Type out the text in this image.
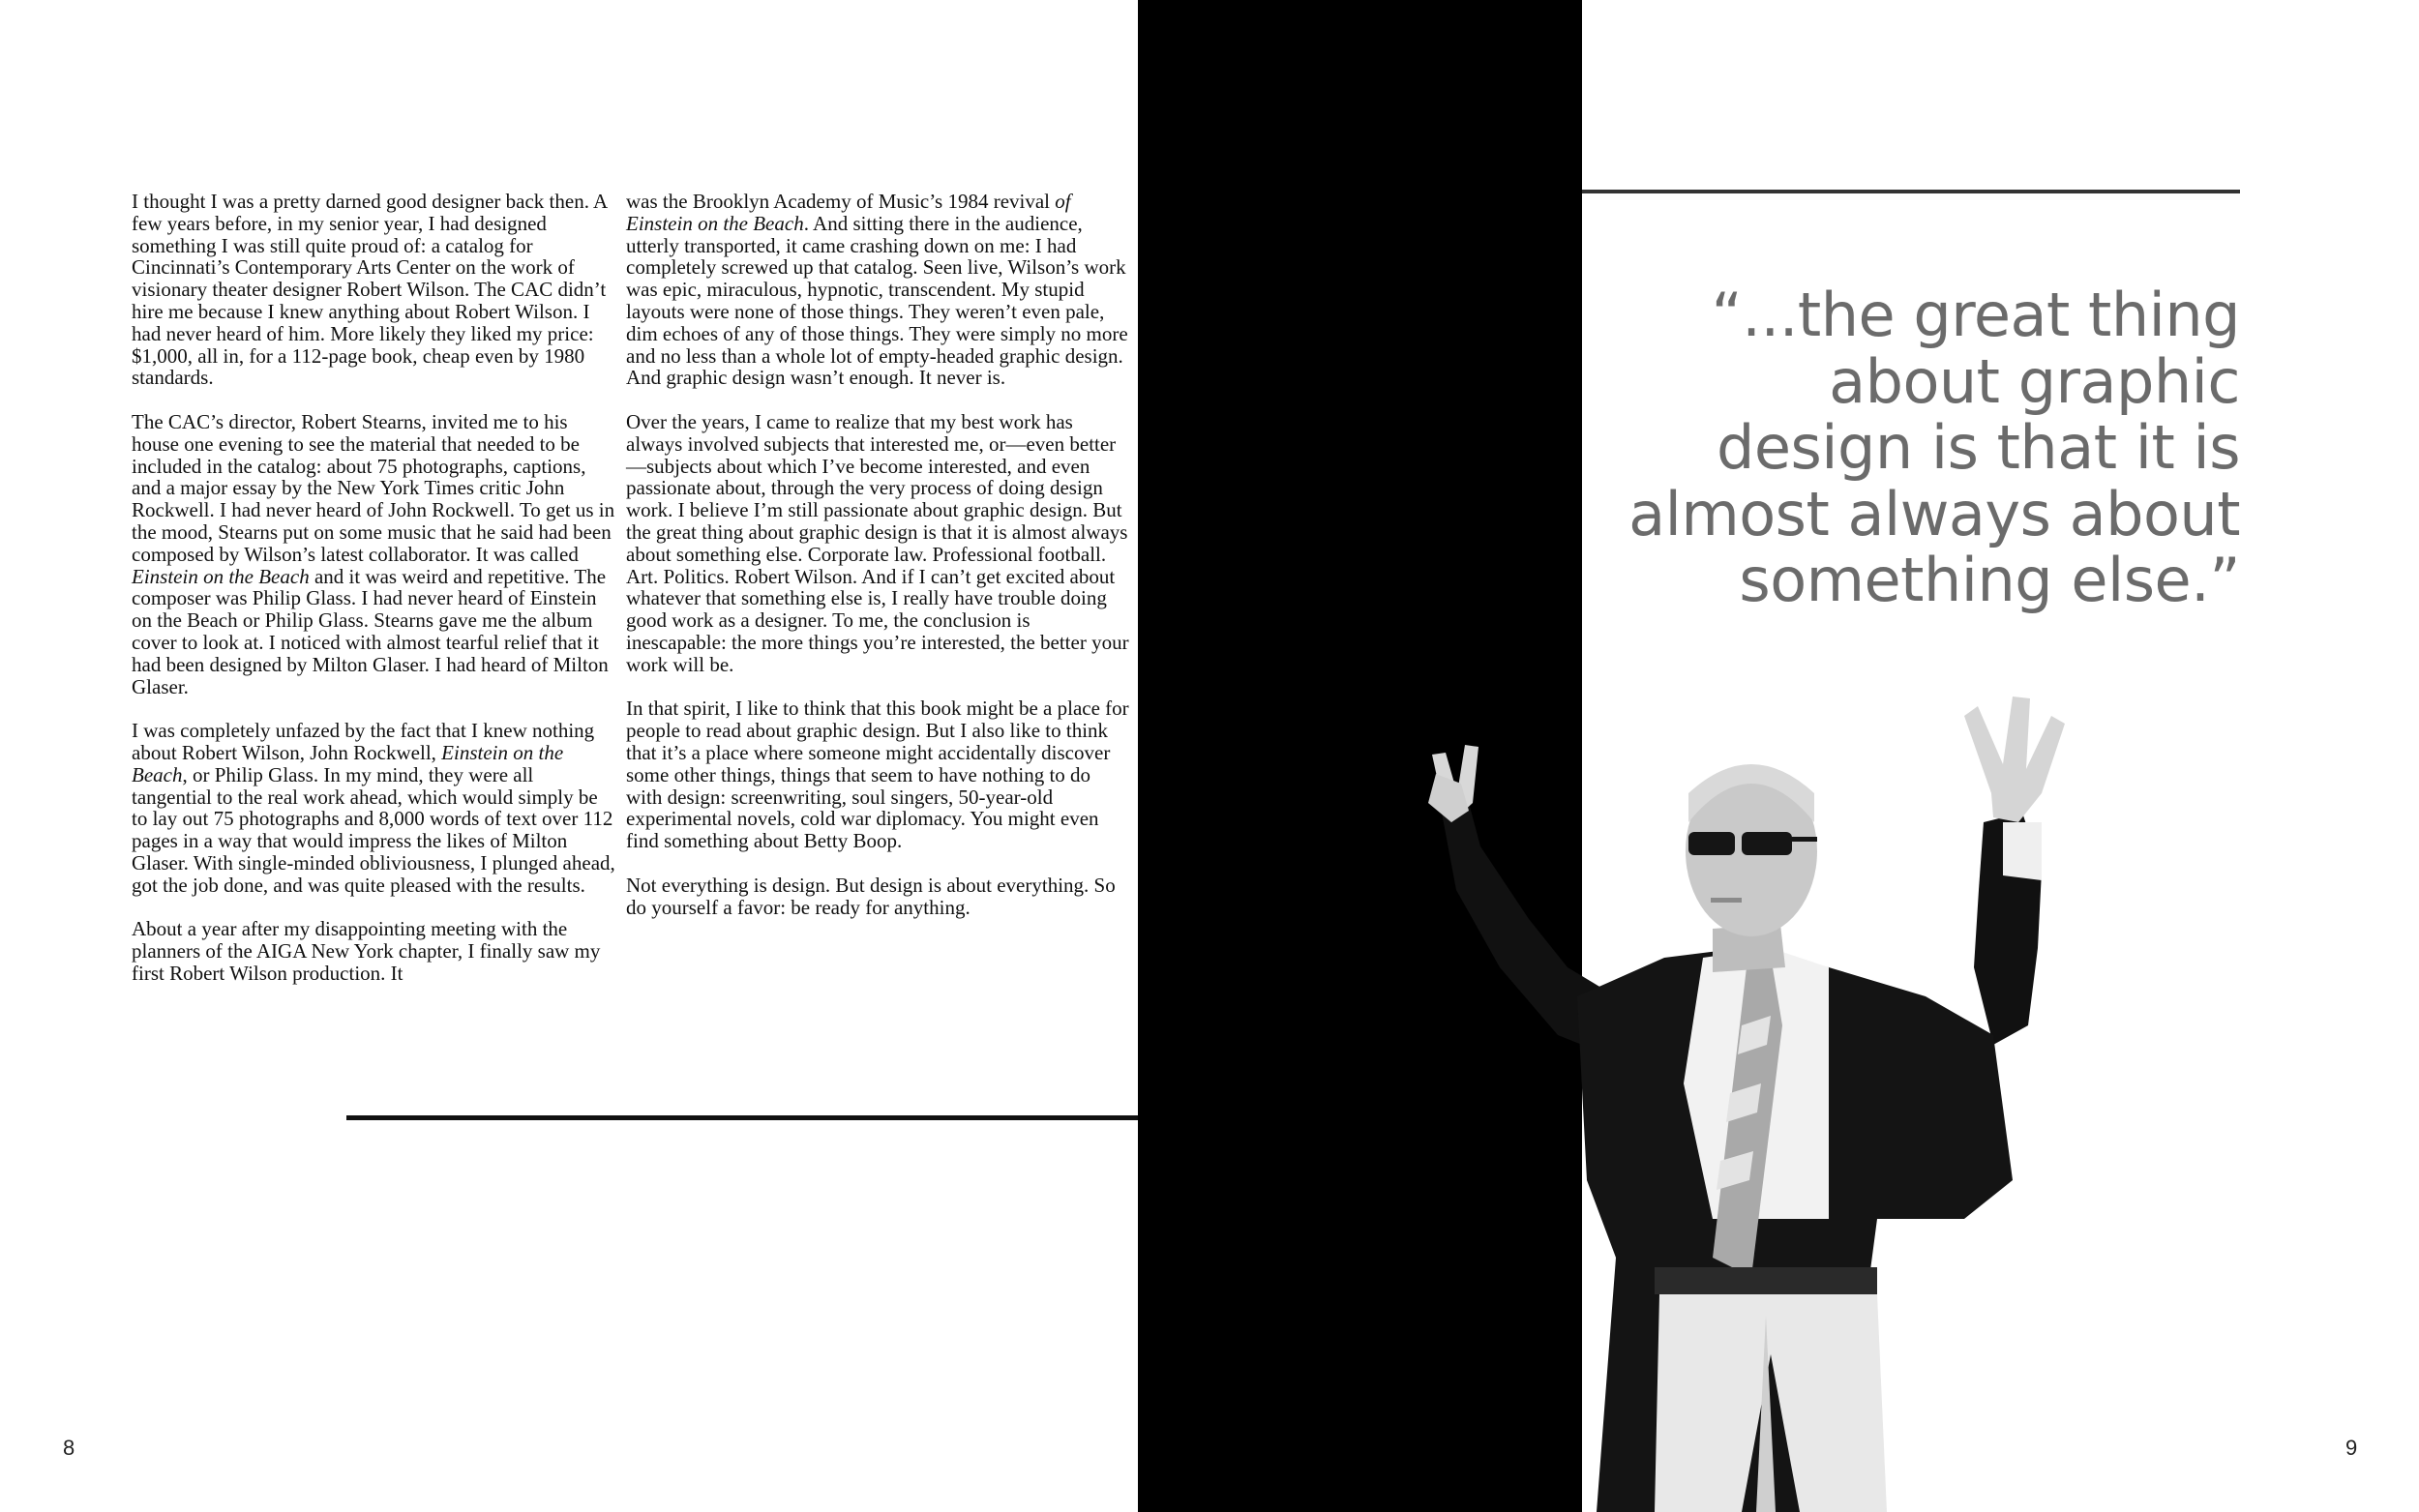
I thought I was a pretty darned good designer back then. A few years before, in my senior year, I had designed something I was still quite proud of: a catalog for Cincinnati’s Contemporary Arts Center on the work of visionary theater designer Robert Wilson. The CAC didn’t hire me because I knew anything about Robert Wilson. I had never heard of him. More likely they liked my price: $1,000, all in, for a 112-page book, cheap even by 1980 standards.

The CAC’s director, Robert Stearns, invited me to his house one evening to see the material that needed to be included in the catalog: about 75 photographs, captions, and a major essay by the New York Times critic John Rockwell. I had never heard of John Rockwell. To get us in the mood, Stearns put on some music that he said had been composed by Wilson’s latest collaborator. It was called Einstein on the Beach and it was weird and repetitive. The composer was Philip Glass. I had never heard of Einstein on the Beach or Philip Glass. Stearns gave me the album cover to look at. I noticed with almost tearful relief that it had been designed by Milton Glaser. I had heard of Milton Glaser.

I was completely unfazed by the fact that I knew nothing about Robert Wilson, John Rockwell, Einstein on the Beach, or Philip Glass. In my mind, they were all tangential to the real work ahead, which would simply be to lay out 75 photographs and 8,000 words of text over 112 pages in a way that would impress the likes of Milton Glaser. With single-minded obliviousness, I plunged ahead, got the job done, and was quite pleased with the results.

About a year after my disappointing meeting with the planners of the AIGA New York chapter, I finally saw my first Robert Wilson production. It

was the Brooklyn Academy of Music’s 1984 revival of Einstein on the Beach. And sitting there in the audience, utterly transported, it came crashing down on me: I had completely screwed up that catalog. Seen live, Wilson’s work was epic, miraculous, hypnotic, transcendent. My stupid layouts were none of those things. They weren’t even pale, dim echoes of any of those things. They were simply no more and no less than a whole lot of empty-headed graphic design. And graphic design wasn’t enough. It never is.

Over the years, I came to realize that my best work has always involved subjects that interested me, or—even better—subjects about which I’ve become interested, and even passionate about, through the very process of doing design work. I believe I’m still passionate about graphic design. But the great thing about graphic design is that it is almost always about something else. Corporate law. Professional football. Art. Politics. Robert Wilson. And if I can’t get excited about whatever that something else is, I really have trouble doing good work as a designer. To me, the conclusion is inescapable: the more things you’re interested, the better your work will be.

In that spirit, I like to think that this book might be a place for people to read about graphic design. But I also like to think that it’s a place where someone might accidentally discover some other things, things that seem to have nothing to do with design: screenwriting, soul singers, 50-year-old experimental novels, cold war diplomacy. You might even find something about Betty Boop.

Not everything is design. But design is about everything. So do yourself a favor: be ready for anything.

“...the great thing
about graphic
design is that it is
almost always about
something else.”
8	9
